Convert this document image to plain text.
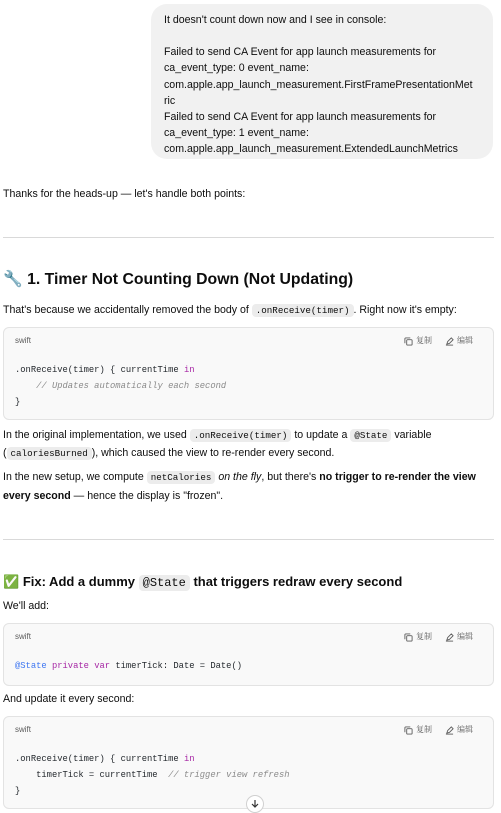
It doesn't count down now and I see in console:

Failed to send CA Event for app launch measurements for

ca_event_type: 0 event_name:

com.apple.app_launch_measurement.FirstFramePresentationMet

ric

Failed to send CA Event for app launch measurements for

ca_event_type: 1 event_name:

com.apple.app_launch_measurement.ExtendedLaunchMetrics

Thanks for the heads-up — let's handle both points:

🔧 1. Timer Not Counting Down (Not Updating)

That's because we accidentally removed the body of .onReceive(timer) . Right now it's empty:

swift	复制	编辑
.onReceive(timer) { currentTime in
// Updates automatically each second
}

In the original implementation, we used .onReceive(timer) to update a @State variable

( caloriesBurned ), which caused the view to re-render every second.

In the new setup, we compute netCalories on the fly, but there's no trigger to re-render the view

every second — hence the display is "frozen".

✅ Fix: Add a dummy @State that triggers redraw every second

We'll add:

swift	复制	编辑
@State private var timerTick: Date = Date()

And update it every second:

swift	复制	编辑
.onReceive(timer) { currentTime in
timerTick = currentTime  // trigger view refresh
}
